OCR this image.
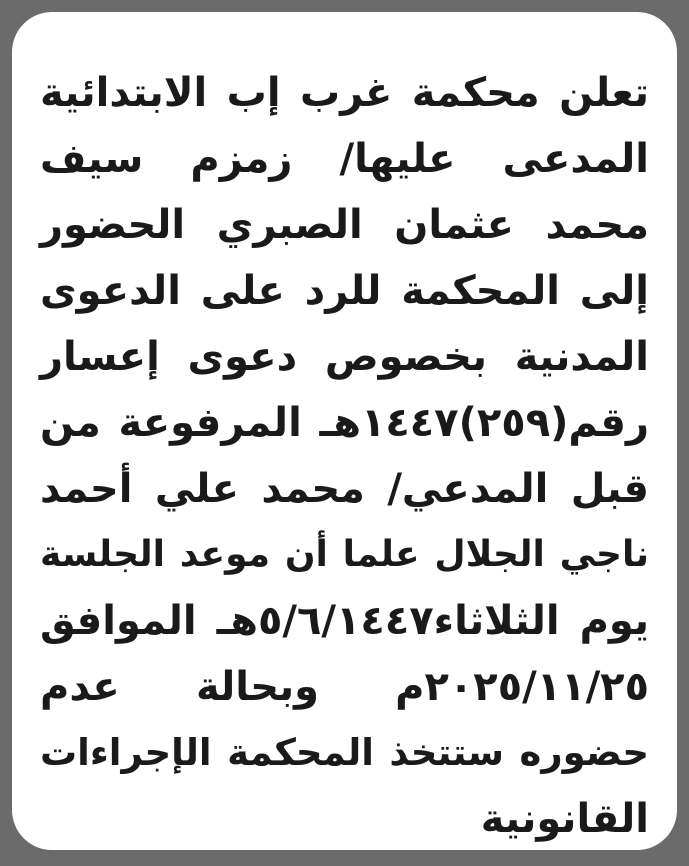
تعلن محكمة غرب إب الابتدائية
المدعى عليها/ زمزم سيف
محمد عثمان الصبري الحضور
إلى المحكمة للرد على الدعوى
المدنية بخصوص دعوى إعسار
رقم(٢٥٩)١٤٤٧هـ المرفوعة من
قبل المدعي/ محمد علي أحمد
ناجي الجلال علما أن موعد الجلسة
يوم الثلاثاء٥/٦/١٤٤٧هـ الموافق
٢٠٢٥/١١/٢٥م وبحالة عدم
حضوره ستتخذ المحكمة الإجراءات
القانونية
